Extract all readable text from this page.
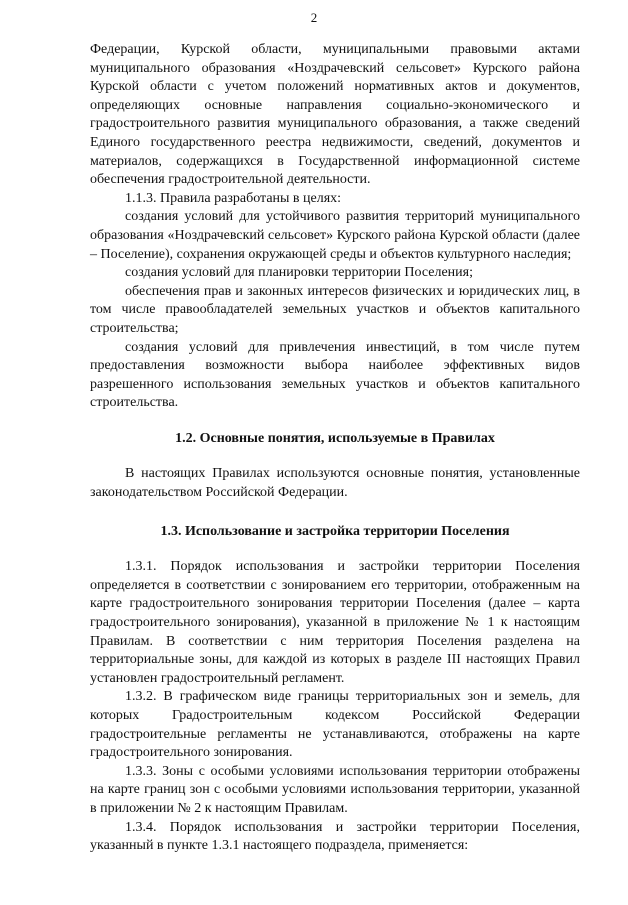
2

Федерации, Курской области, муниципальными правовыми актами муниципального образования «Ноздрачевский сельсовет» Курского района Курской области с учетом положений нормативных актов и документов, определяющих основные направления социально-экономического и градостроительного развития муниципального образования, а также сведений Единого государственного реестра недвижимости, сведений, документов и материалов, содержащихся в Государственной информационной системе обеспечения градостроительной деятельности.

1.1.3. Правила разработаны в целях:

создания условий для устойчивого развития территорий муниципального образования «Ноздрачевский сельсовет» Курского района Курской области (далее – Поселение), сохранения окружающей среды и объектов культурного наследия;

создания условий для планировки территории Поселения;

обеспечения прав и законных интересов физических и юридических лиц, в том числе правообладателей земельных участков и объектов капитального строительства;

создания условий для привлечения инвестиций, в том числе путем предоставления возможности выбора наиболее эффективных видов разрешенного использования земельных участков и объектов капитального строительства.

1.2. Основные понятия, используемые в Правилах

В настоящих Правилах используются основные понятия, установленные законодательством Российской Федерации.

1.3. Использование и застройка территории Поселения

1.3.1. Порядок использования и застройки территории Поселения определяется в соответствии с зонированием его территории, отображенным на карте градостроительного зонирования территории Поселения (далее – карта градостроительного зонирования), указанной в приложение № 1 к настоящим Правилам. В соответствии с ним территория Поселения разделена на территориальные зоны, для каждой из которых в разделе III настоящих Правил установлен градостроительный регламент.

1.3.2. В графическом виде границы территориальных зон и земель, для которых Градостроительным кодексом Российской Федерации градостроительные регламенты не устанавливаются, отображены на карте градостроительного зонирования.

1.3.3. Зоны с особыми условиями использования территории отображены на карте границ зон с особыми условиями использования территории, указанной в приложении № 2 к настоящим Правилам.

1.3.4. Порядок использования и застройки территории Поселения, указанный в пункте 1.3.1 настоящего подраздела, применяется:
